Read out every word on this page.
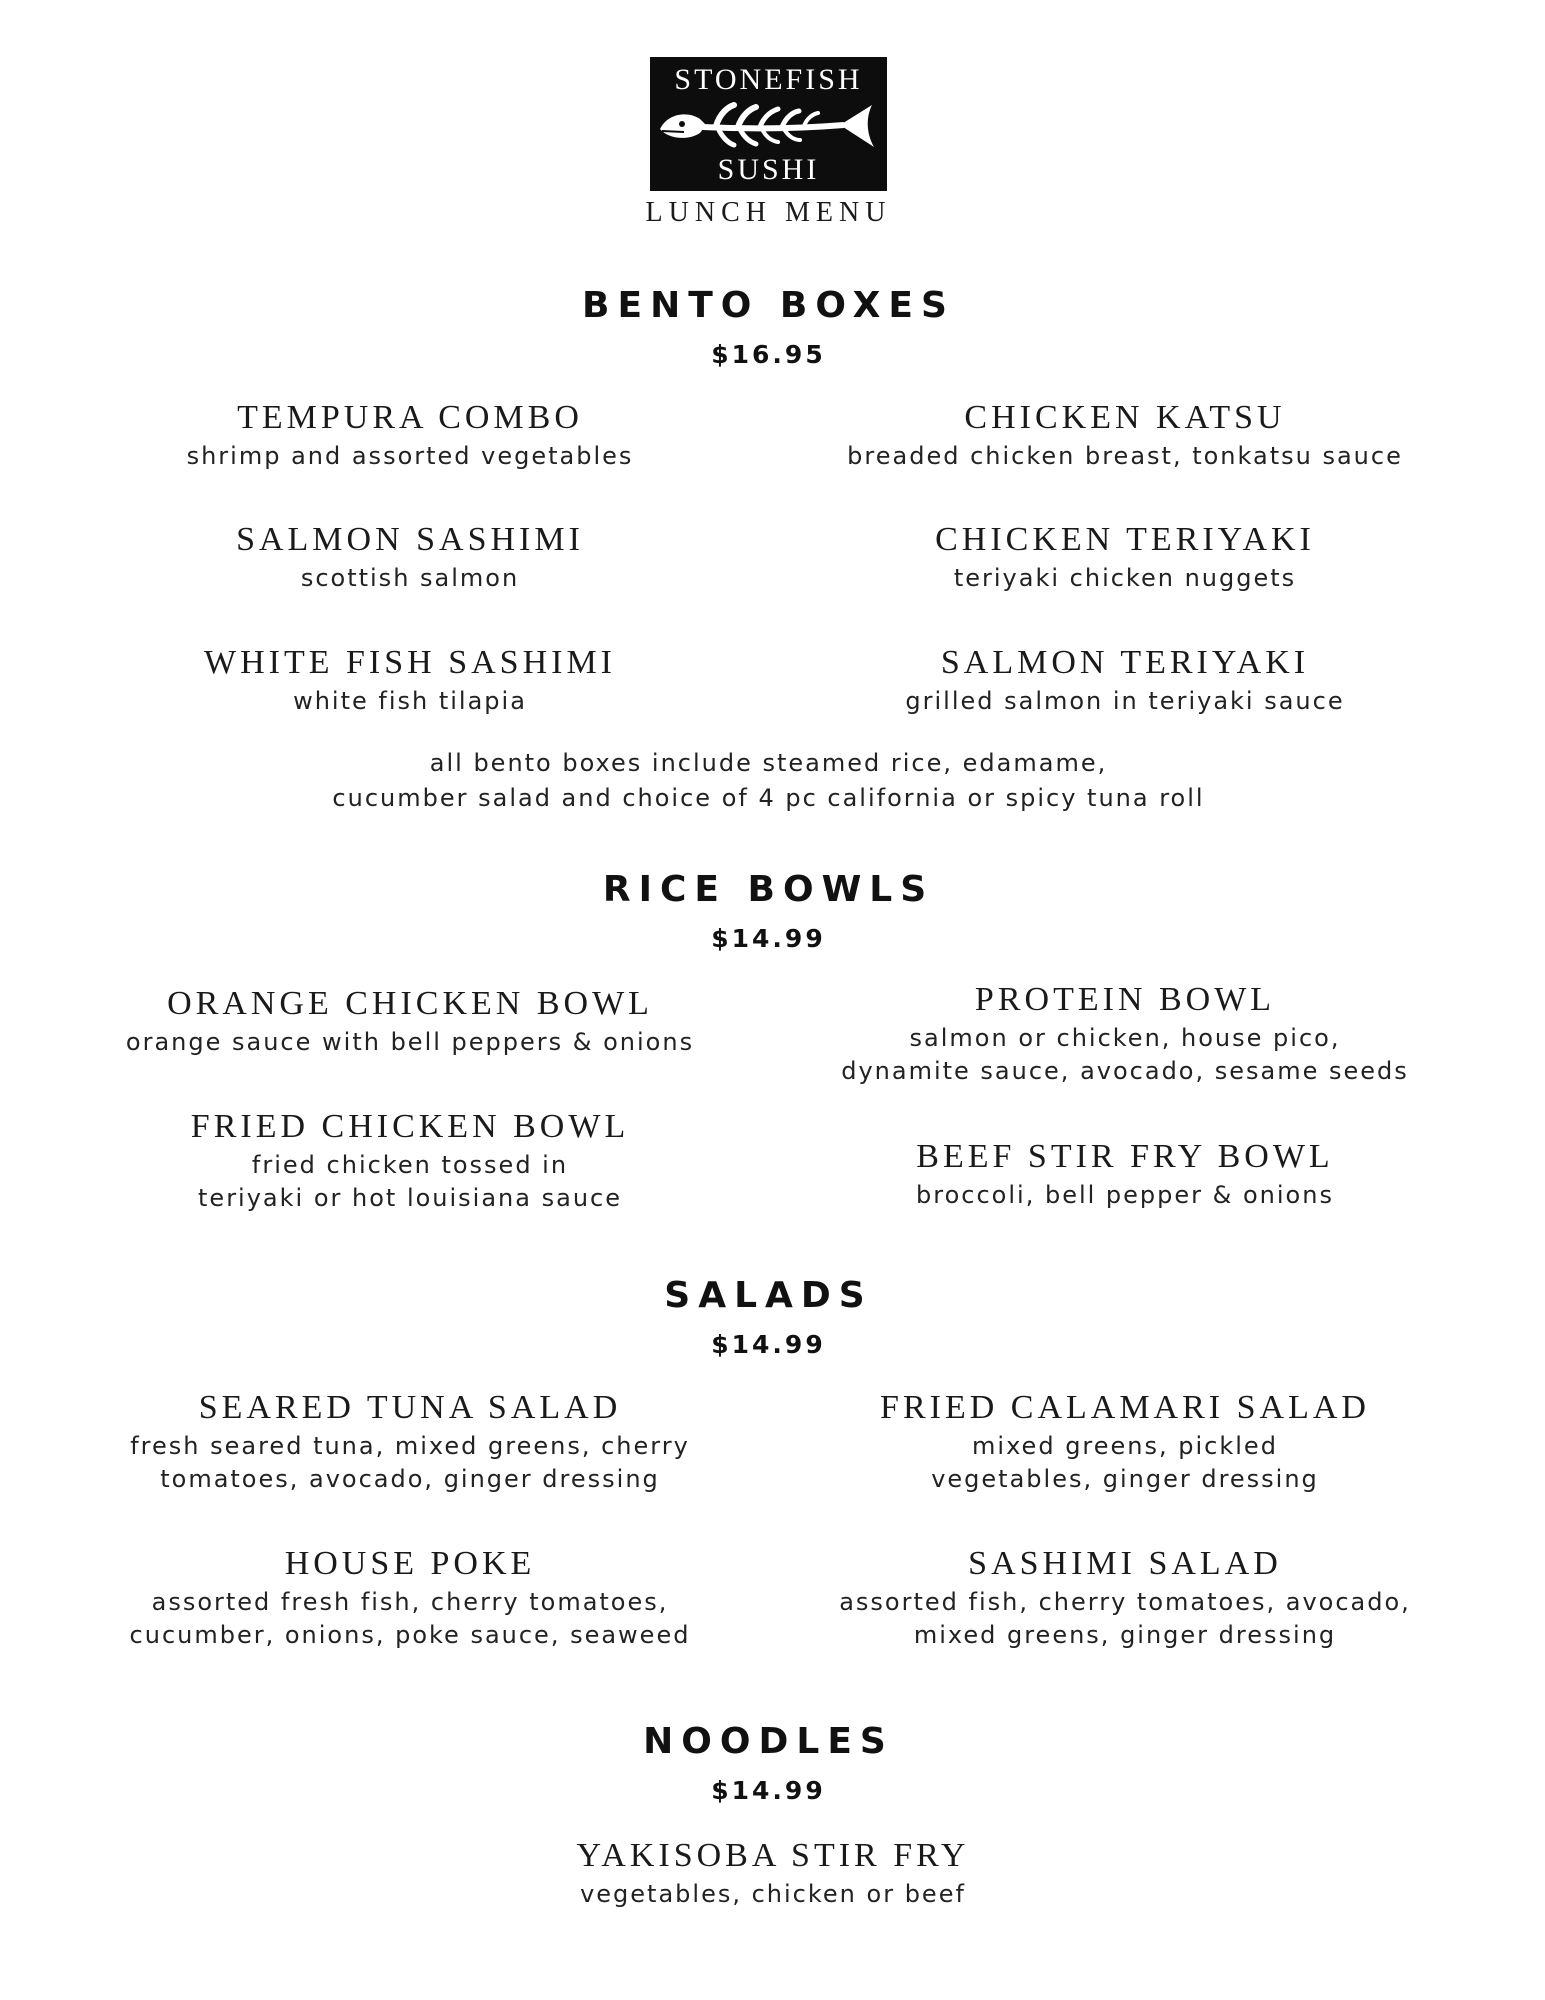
STONEFISH
SUSHI
LUNCH MENU
BENTO BOXES
$16.95
TEMPURA COMBO
shrimp and assorted vegetables
CHICKEN KATSU
breaded chicken breast, tonkatsu sauce
SALMON SASHIMI
scottish salmon
CHICKEN TERIYAKI
teriyaki chicken nuggets
WHITE FISH SASHIMI
white fish tilapia
SALMON TERIYAKI
grilled salmon in teriyaki sauce
all bento boxes include steamed rice, edamame,
cucumber salad and choice of 4 pc california or spicy tuna roll
RICE BOWLS
$14.99
ORANGE CHICKEN BOWL
orange sauce with bell peppers & onions
PROTEIN BOWL
salmon or chicken, house pico,
dynamite sauce, avocado, sesame seeds
FRIED CHICKEN BOWL
fried chicken tossed in
teriyaki or hot louisiana sauce
BEEF STIR FRY BOWL
broccoli, bell pepper & onions
SALADS
$14.99
SEARED TUNA SALAD
fresh seared tuna, mixed greens, cherry
tomatoes, avocado, ginger dressing
FRIED CALAMARI SALAD
mixed greens, pickled
vegetables, ginger dressing
HOUSE POKE
assorted fresh fish, cherry tomatoes,
cucumber, onions, poke sauce, seaweed
SASHIMI SALAD
assorted fish, cherry tomatoes, avocado,
mixed greens, ginger dressing
NOODLES
$14.99
YAKISOBA STIR FRY
vegetables, chicken or beef
